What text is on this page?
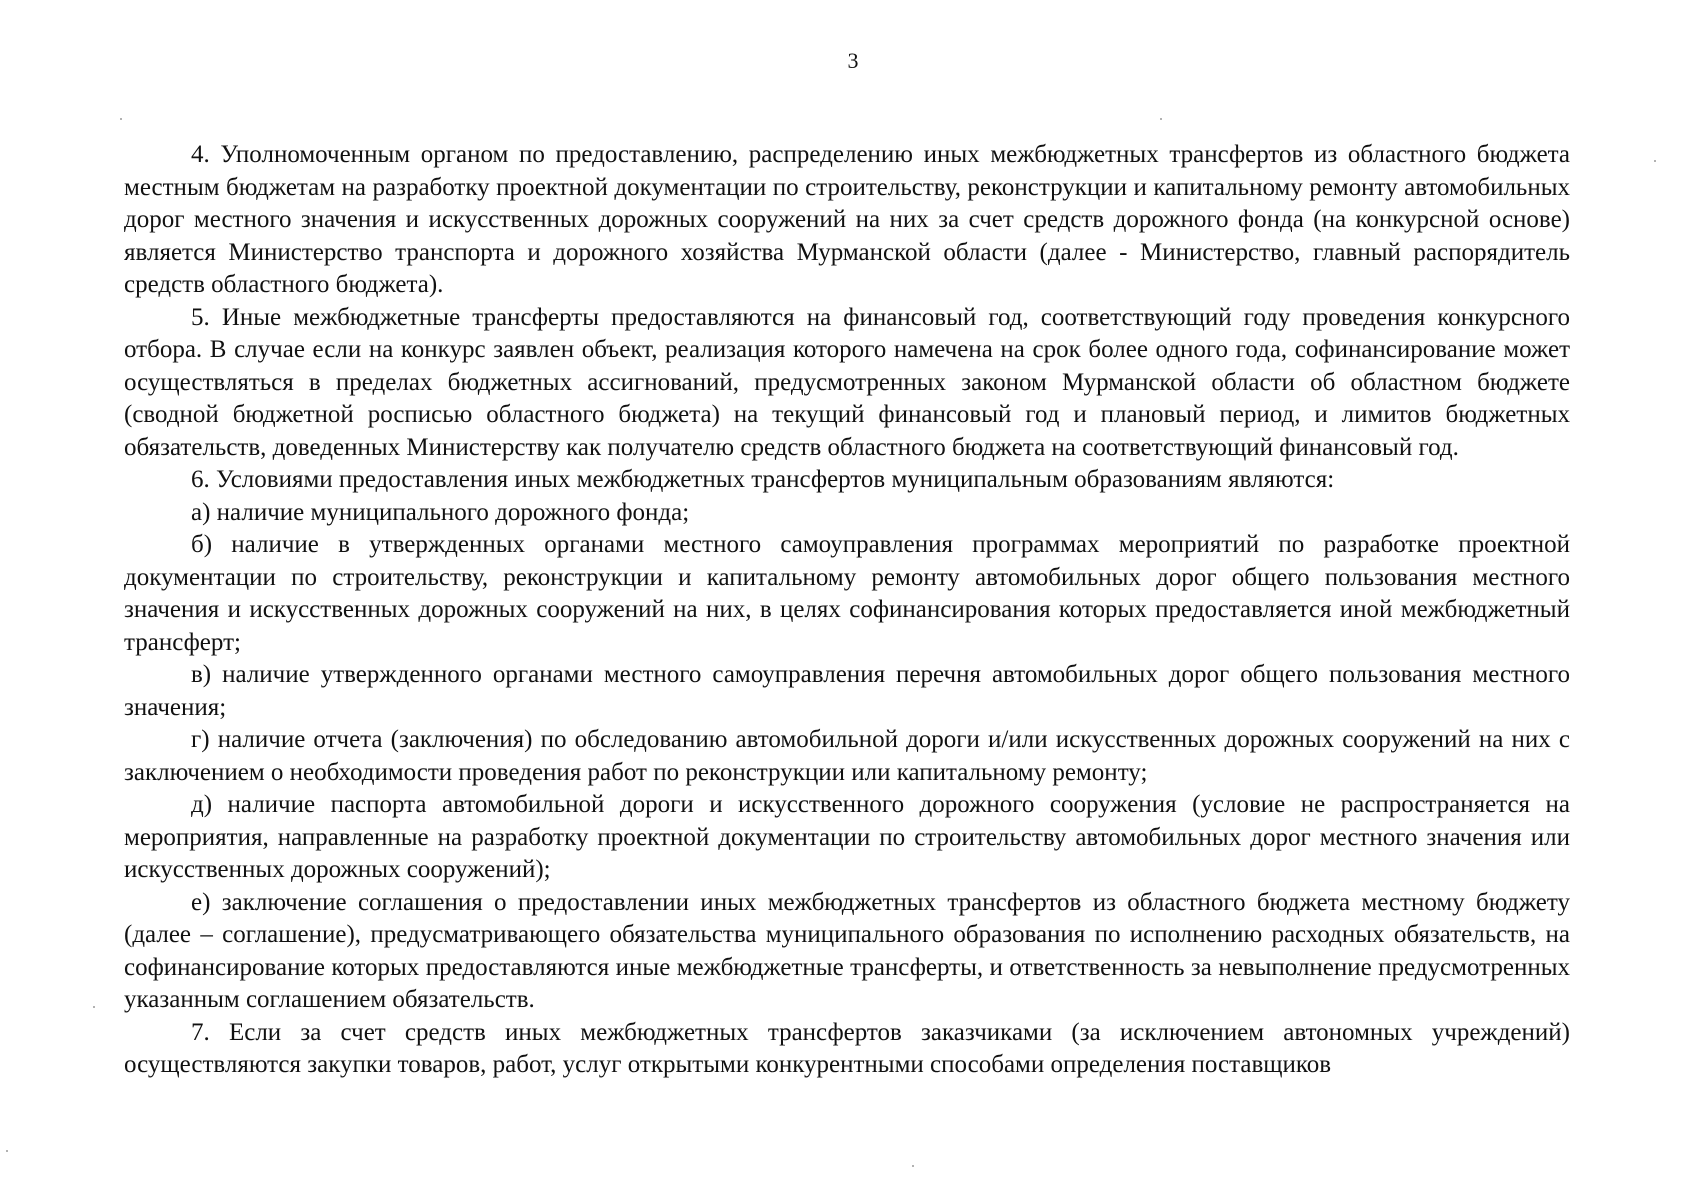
3

4. Уполномоченным органом по предоставлению, распределению иных межбюджетных трансфертов из областного бюджета местным бюджетам на разработку проектной документации по строительству, реконструкции и капитальному ремонту автомобильных дорог местного значения и искусственных дорожных сооружений на них за счет средств дорожного фонда (на конкурсной основе) является Министерство транспорта и дорожного хозяйства Мурманской области (далее - Министерство, главный распорядитель средств областного бюджета).

5. Иные межбюджетные трансферты предоставляются на финансовый год, соответствующий году проведения конкурсного отбора. В случае если на конкурс заявлен объект, реализация которого намечена на срок более одного года, софинансирование может осуществляться в пределах бюджетных ассигнований, предусмотренных законом Мурманской области об областном бюджете (сводной бюджетной росписью областного бюджета) на текущий финансовый год и плановый период, и лимитов бюджетных обязательств, доведенных Министерству как получателю средств областного бюджета на соответствующий финансовый год.

6. Условиями предоставления иных межбюджетных трансфертов муниципальным образованиям являются:

а) наличие муниципального дорожного фонда;

б) наличие в утвержденных органами местного самоуправления программах мероприятий по разработке проектной документации по строительству, реконструкции и капитальному ремонту автомобильных дорог общего пользования местного значения и искусственных дорожных сооружений на них, в целях софинансирования которых предоставляется иной межбюджетный трансферт;

в) наличие утвержденного органами местного самоуправления перечня автомобильных дорог общего пользования местного значения;

г) наличие отчета (заключения) по обследованию автомобильной дороги и/или искусственных дорожных сооружений на них с заключением о необходимости проведения работ по реконструкции или капитальному ремонту;

д) наличие паспорта автомобильной дороги и искусственного дорожного сооружения (условие не распространяется на мероприятия, направленные на разработку проектной документации по строительству автомобильных дорог местного значения или искусственных дорожных сооружений);

е) заключение соглашения о предоставлении иных межбюджетных трансфертов из областного бюджета местному бюджету (далее – соглашение), предусматривающего обязательства муниципального образования по исполнению расходных обязательств, на софинансирование которых предоставляются иные межбюджетные трансферты, и ответственность за невыполнение предусмотренных указанным соглашением обязательств.

7. Если за счет средств иных межбюджетных трансфертов заказчиками (за исключением автономных учреждений) осуществляются закупки товаров, работ, услуг открытыми конкурентными способами определения поставщиков
